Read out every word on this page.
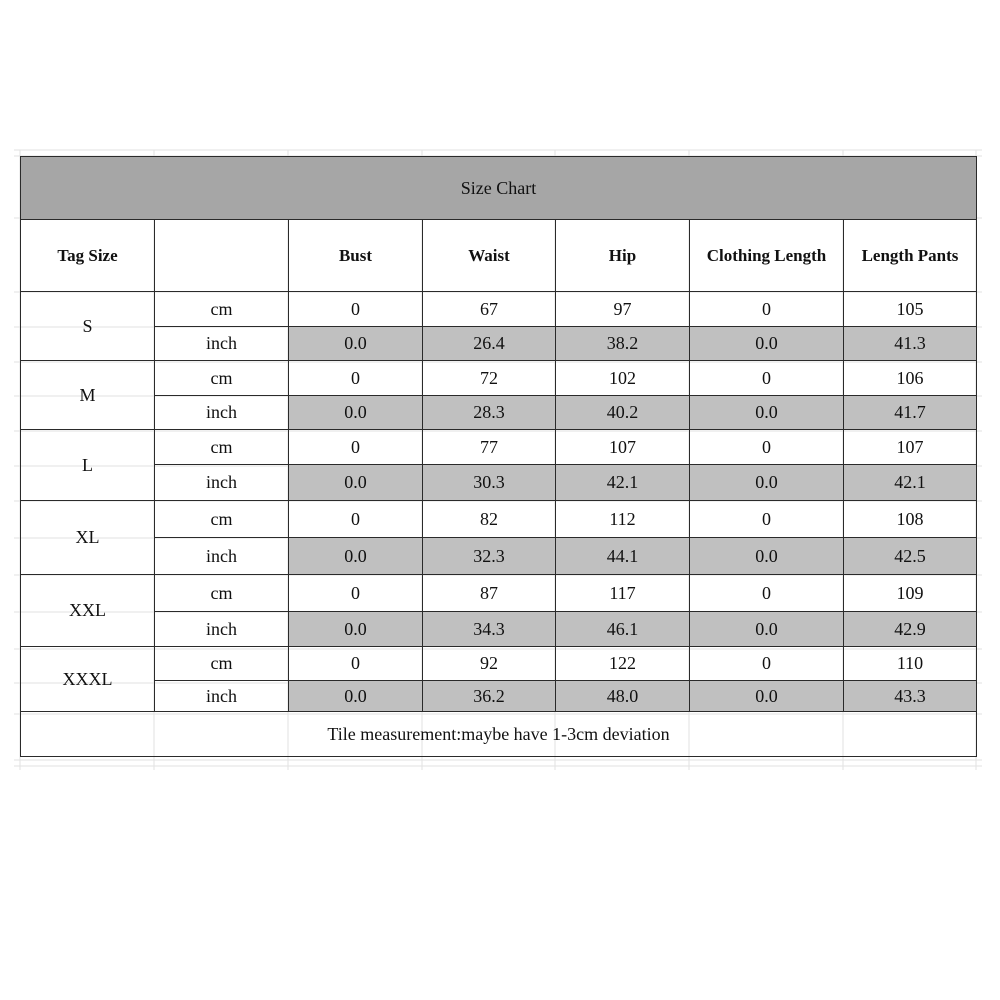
Size Chart						
Tag Size		Bust	Waist	Hip	Clothing Length	Length Pants
S	cm	0	67	97	0	105
	inch	0.0	26.4	38.2	0.0	41.3
M	cm	0	72	102	0	106
	inch	0.0	28.3	40.2	0.0	41.7
L	cm	0	77	107	0	107
	inch	0.0	30.3	42.1	0.0	42.1
XL	cm	0	82	112	0	108
	inch	0.0	32.3	44.1	0.0	42.5
XXL	cm	0	87	117	0	109
	inch	0.0	34.3	46.1	0.0	42.9
XXXL	cm	0	92	122	0	110
	inch	0.0	36.2	48.0	0.0	43.3
Tile measurement:maybe have 1-3cm deviation						
